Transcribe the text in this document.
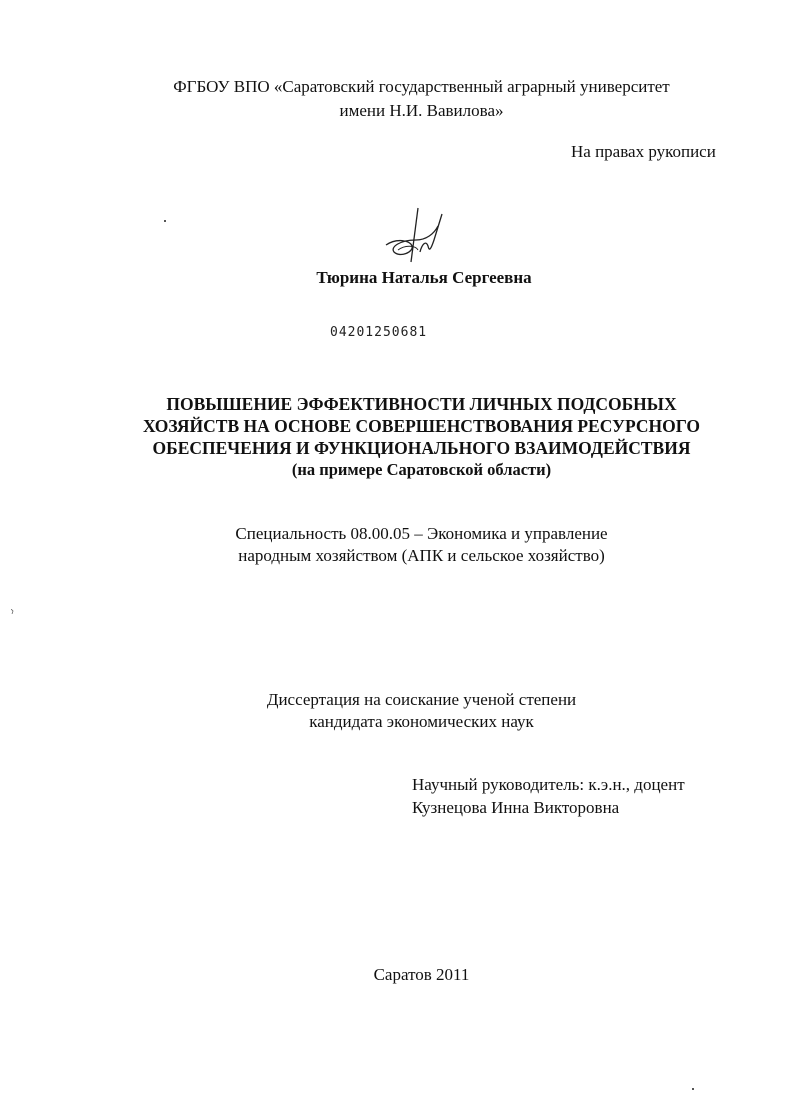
ФГБОУ ВПО «Саратовский государственный аграрный университет
имени Н.И. Вавилова»
На правах рукописи
Тюрина Наталья Сергеевна
04201250681
ПОВЫШЕНИЕ ЭФФЕКТИВНОСТИ ЛИЧНЫХ ПОДСОБНЫХ
ХОЗЯЙСТВ НА ОСНОВЕ СОВЕРШЕНСТВОВАНИЯ РЕСУРСНОГО
ОБЕСПЕЧЕНИЯ И ФУНКЦИОНАЛЬНОГО ВЗАИМОДЕЙСТВИЯ
(на примере Саратовской области)
Специальность 08.00.05 – Экономика и управление
народным хозяйством (АПК и сельское хозяйство)
Диссертация на соискание ученой степени
кандидата экономических наук
Научный руководитель: к.э.н., доцент
Кузнецова Инна Викторовна
Саратов 2011
